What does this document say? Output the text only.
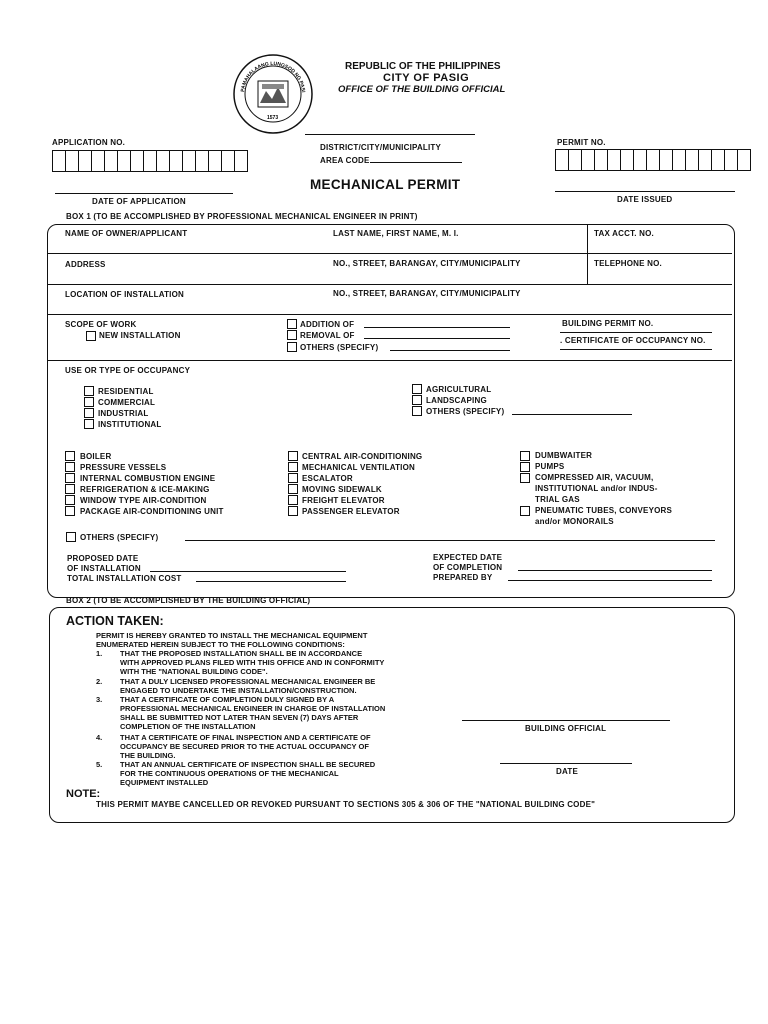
PAMAHALAANG LUNGSOD NG PASI
1573
REPUBLIC OF THE PHILIPPINES
CITY OF PASIG
OFFICE OF THE BUILDING OFFICIAL
APPLICATION NO.
DISTRICT/CITY/MUNICIPALITY
AREA CODE
PERMIT NO.
MECHANICAL PERMIT
DATE OF APPLICATION	DATE ISSUED
BOX 1 (TO BE ACCOMPLISHED BY PROFESSIONAL MECHANICAL ENGINEER IN PRINT)
NAME OF OWNER/APPLICANT	LAST NAME, FIRST NAME, M. I.	TAX ACCT. NO.
ADDRESS	NO., STREET, BARANGAY, CITY/MUNICIPALITY	TELEPHONE NO.
LOCATION OF INSTALLATION	NO., STREET, BARANGAY, CITY/MUNICIPALITY
SCOPE OF WORK
NEW INSTALLATION
ADDITION OF
REMOVAL OF
OTHERS (SPECIFY)
BUILDING PERMIT NO.
. CERTIFICATE OF OCCUPANCY NO.
USE OR TYPE OF OCCUPANCY
RESIDENTIAL
COMMERCIAL
INDUSTRIAL
INSTITUTIONAL
AGRICULTURAL
LANDSCAPING
OTHERS (SPECIFY)
BOILER
PRESSURE VESSELS
INTERNAL COMBUSTION ENGINE
REFRIGERATION & ICE-MAKING
WINDOW TYPE AIR-CONDITION
PACKAGE AIR-CONDITIONING UNIT
CENTRAL AIR-CONDITIONING
MECHANICAL VENTILATION
ESCALATOR
MOVING SIDEWALK
FREIGHT ELEVATOR
PASSENGER ELEVATOR
DUMBWAITER
PUMPS
COMPRESSED AIR, VACUUM,
INSTITUTIONAL and/or INDUS-
TRIAL GAS
PNEUMATIC TUBES, CONVEYORS
and/or MONORAILS
OTHERS (SPECIFY)
PROPOSED DATE
OF INSTALLATION
TOTAL INSTALLATION COST
EXPECTED DATE
OF COMPLETION
PREPARED BY
BOX 2 (TO BE ACCOMPLISHED BY THE BUILDING OFFICIAL)
ACTION TAKEN:
PERMIT IS HEREBY GRANTED TO INSTALL THE MECHANICAL EQUIPMENT
ENUMERATED HEREIN SUBJECT TO THE FOLLOWING CONDITIONS:
1. THAT THE PROPOSED INSTALLATION SHALL BE IN ACCORDANCE
WITH APPROVED PLANS FILED WITH THIS OFFICE AND IN CONFORMITY
WITH THE "NATIONAL BUILDING CODE".
2. THAT A DULY LICENSED PROFESSIONAL MECHANICAL ENGINEER BE
ENGAGED TO UNDERTAKE THE INSTALLATION/CONSTRUCTION.
3. THAT A CERTIFICATE OF COMPLETION DULY SIGNED BY A
PROFESSIONAL MECHANICAL ENGINEER IN CHARGE OF INSTALLATION
SHALL BE SUBMITTED NOT LATER THAN SEVEN (7) DAYS AFTER
COMPLETION OF THE INSTALLATION
4. THAT A CERTIFICATE OF FINAL INSPECTION AND A CERTIFICATE OF
OCCUPANCY BE SECURED PRIOR TO THE ACTUAL OCCUPANCY OF
THE BUILDING.
5. THAT AN ANNUAL CERTIFICATE OF INSPECTION SHALL BE SECURED
FOR THE CONTINUOUS OPERATIONS OF THE MECHANICAL
EQUIPMENT INSTALLED
BUILDING OFFICIAL
DATE
NOTE:
THIS PERMIT MAYBE CANCELLED OR REVOKED PURSUANT TO SECTIONS 305 & 306 OF THE "NATIONAL BUILDING CODE"
